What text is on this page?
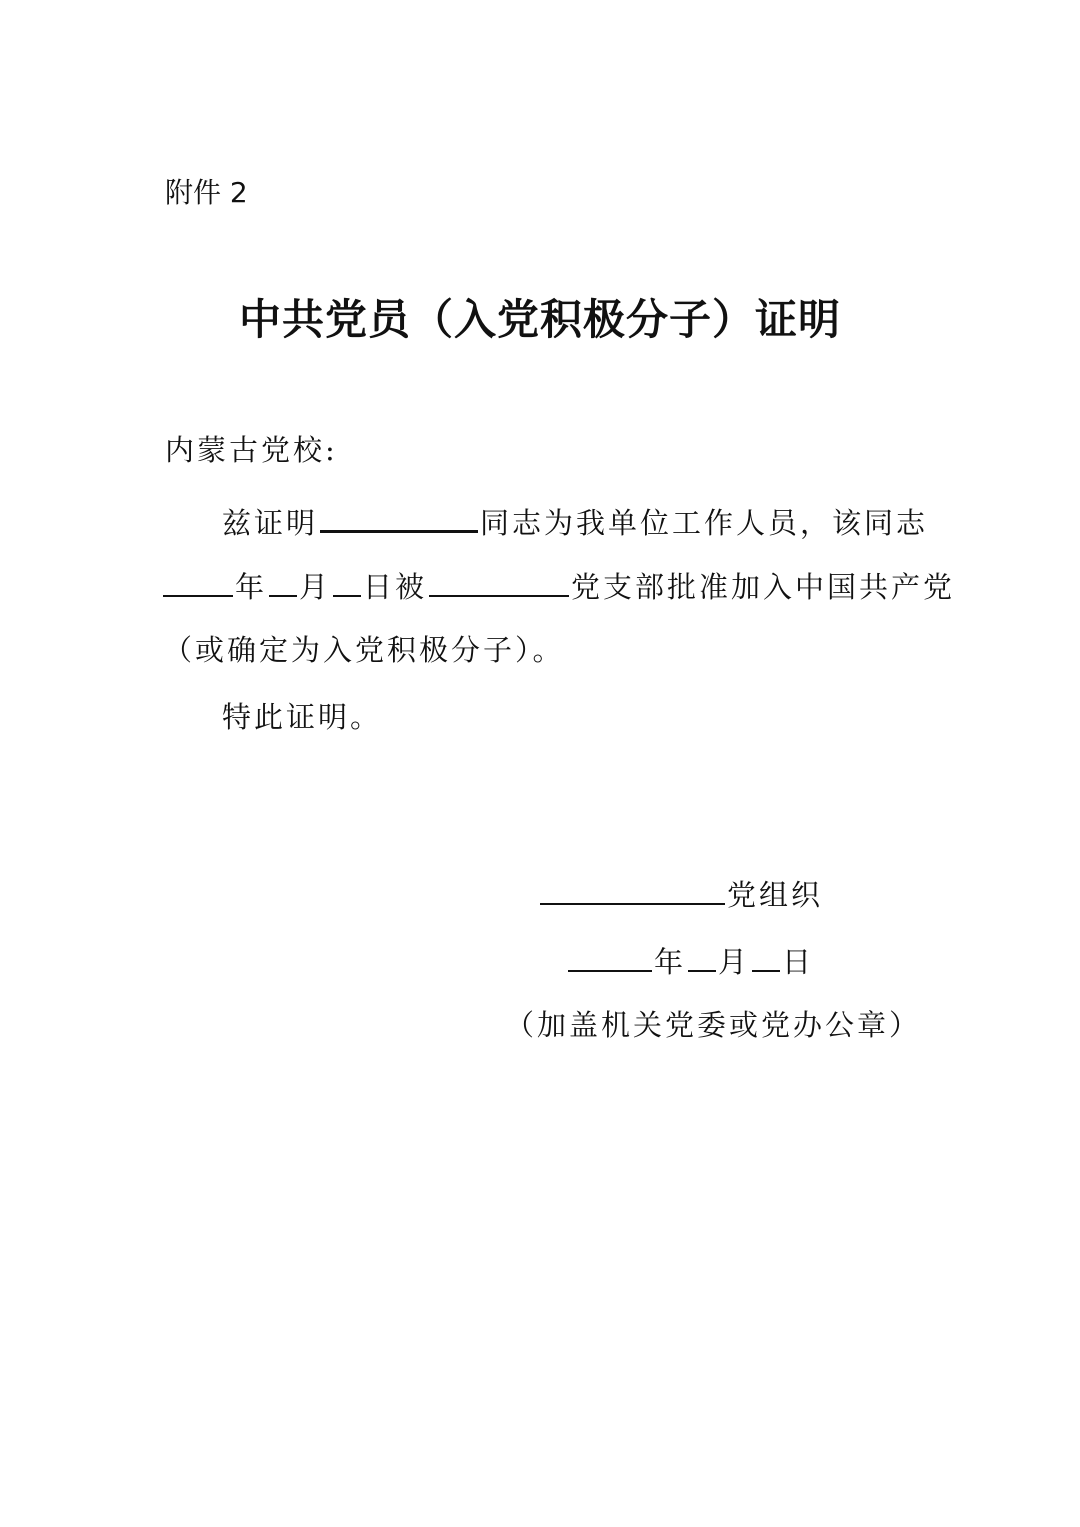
附件 2
中共党员（入党积极分子）证明
内蒙古党校:
兹证明	同志为我单位工作人员，该同志
年 月 日被	党支部批准加入中国共产党
（或确定为入党积极分子）。
特此证明。
党组织
年 月 日
（加盖机关党委或党办公章）
